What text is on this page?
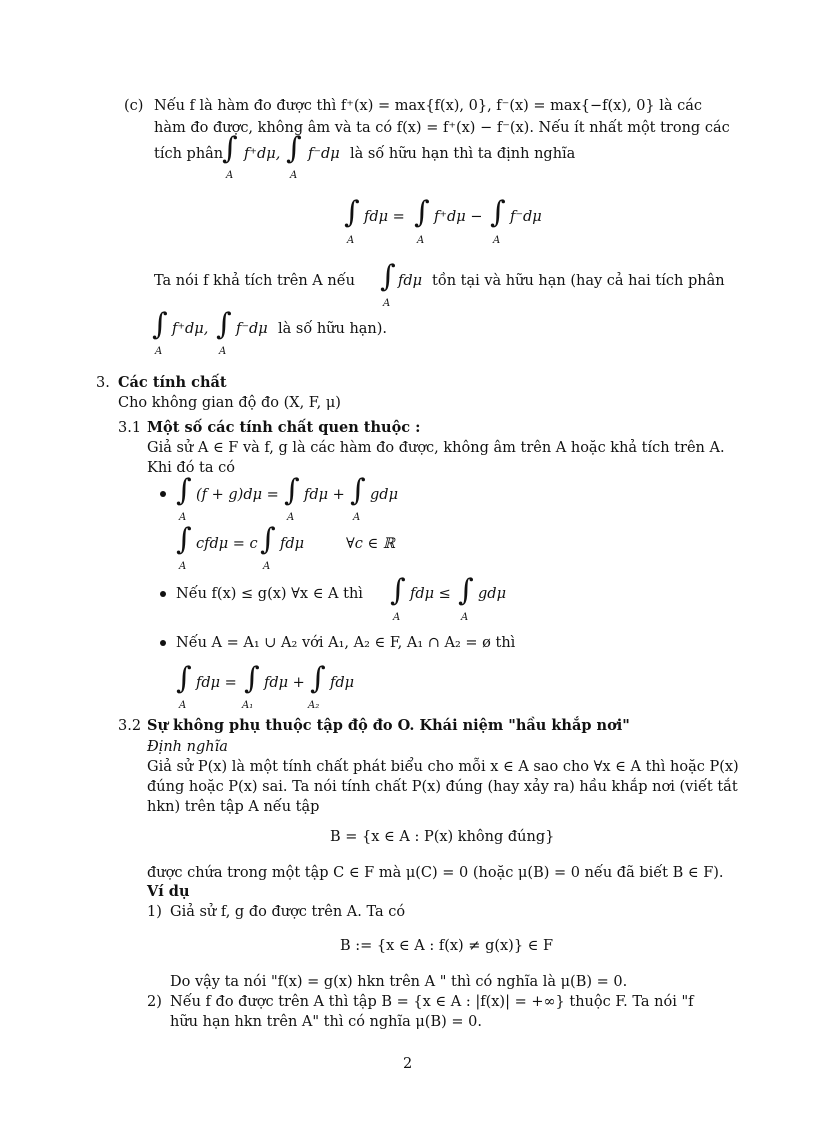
(c) Nếu f là hàm đo được thì f⁺(x) = max{f(x), 0}, f⁻(x) = max{−f(x), 0} là các
hàm đo được, không âm và ta có f(x) = f⁺(x) − f⁻(x). Nếu ít nhất một trong các
tích phân
∫
A
f⁺dμ, ∫
A
f⁻dμ là số hữu hạn thì ta định nghĩa
∫
A
fdμ = ∫
A
f⁺dμ − ∫
A
f⁻dμ
Ta nói f khả tích trên A nếu ∫
A
fdμ tồn tại và hữu hạn (hay cả hai tích phân
∫
A
f⁺dμ, ∫
A
f⁻dμ là số hữu hạn).
3. Các tính chất
Cho không gian độ đo (X, F, μ)
3.1 Một số các tính chất quen thuộc :
Giả sử A ∈ F và f, g là các hàm đo được, không âm trên A hoặc khả tích trên A.
Khi đó ta có
∫
A
(f + g)dμ = ∫
A
fdμ + ∫
A
gdμ
∫
A
cfdμ = c ∫
A
fdμ	∀c ∈ ℝ
Nếu f(x) ≤ g(x) ∀x ∈ A thì ∫
A
fdμ ≤ ∫
A
gdμ
Nếu A = A₁ ∪ A₂ với A₁, A₂ ∈ F, A₁ ∩ A₂ = ø thì
∫
A
fdμ = ∫
A₁
fdμ + ∫
A₂
fdμ
3.2 Sự không phụ thuộc tập độ đo O. Khái niệm "hầu khắp nơi"
Định nghĩa
Giả sử P(x) là một tính chất phát biểu cho mỗi x ∈ A sao cho ∀x ∈ A thì hoặc P(x)
đúng hoặc P(x) sai. Ta nói tính chất P(x) đúng (hay xảy ra) hầu khắp nơi (viết tắt
hkn) trên tập A nếu tập
B = {x ∈ A : P(x) không đúng}
được chứa trong một tập C ∈ F mà μ(C) = 0 (hoặc μ(B) = 0 nếu đã biết B ∈ F).
Ví dụ
1) Giả sử f, g đo được trên A. Ta có
B := {x ∈ A : f(x) ≠ g(x)} ∈ F
Do vậy ta nói "f(x) = g(x) hkn trên A " thì có nghĩa là μ(B) = 0.
2) Nếu f đo được trên A thì tập B = {x ∈ A : |f(x)| = +∞} thuộc F. Ta nói "f
hữu hạn hkn trên A" thì có nghĩa μ(B) = 0.
2
